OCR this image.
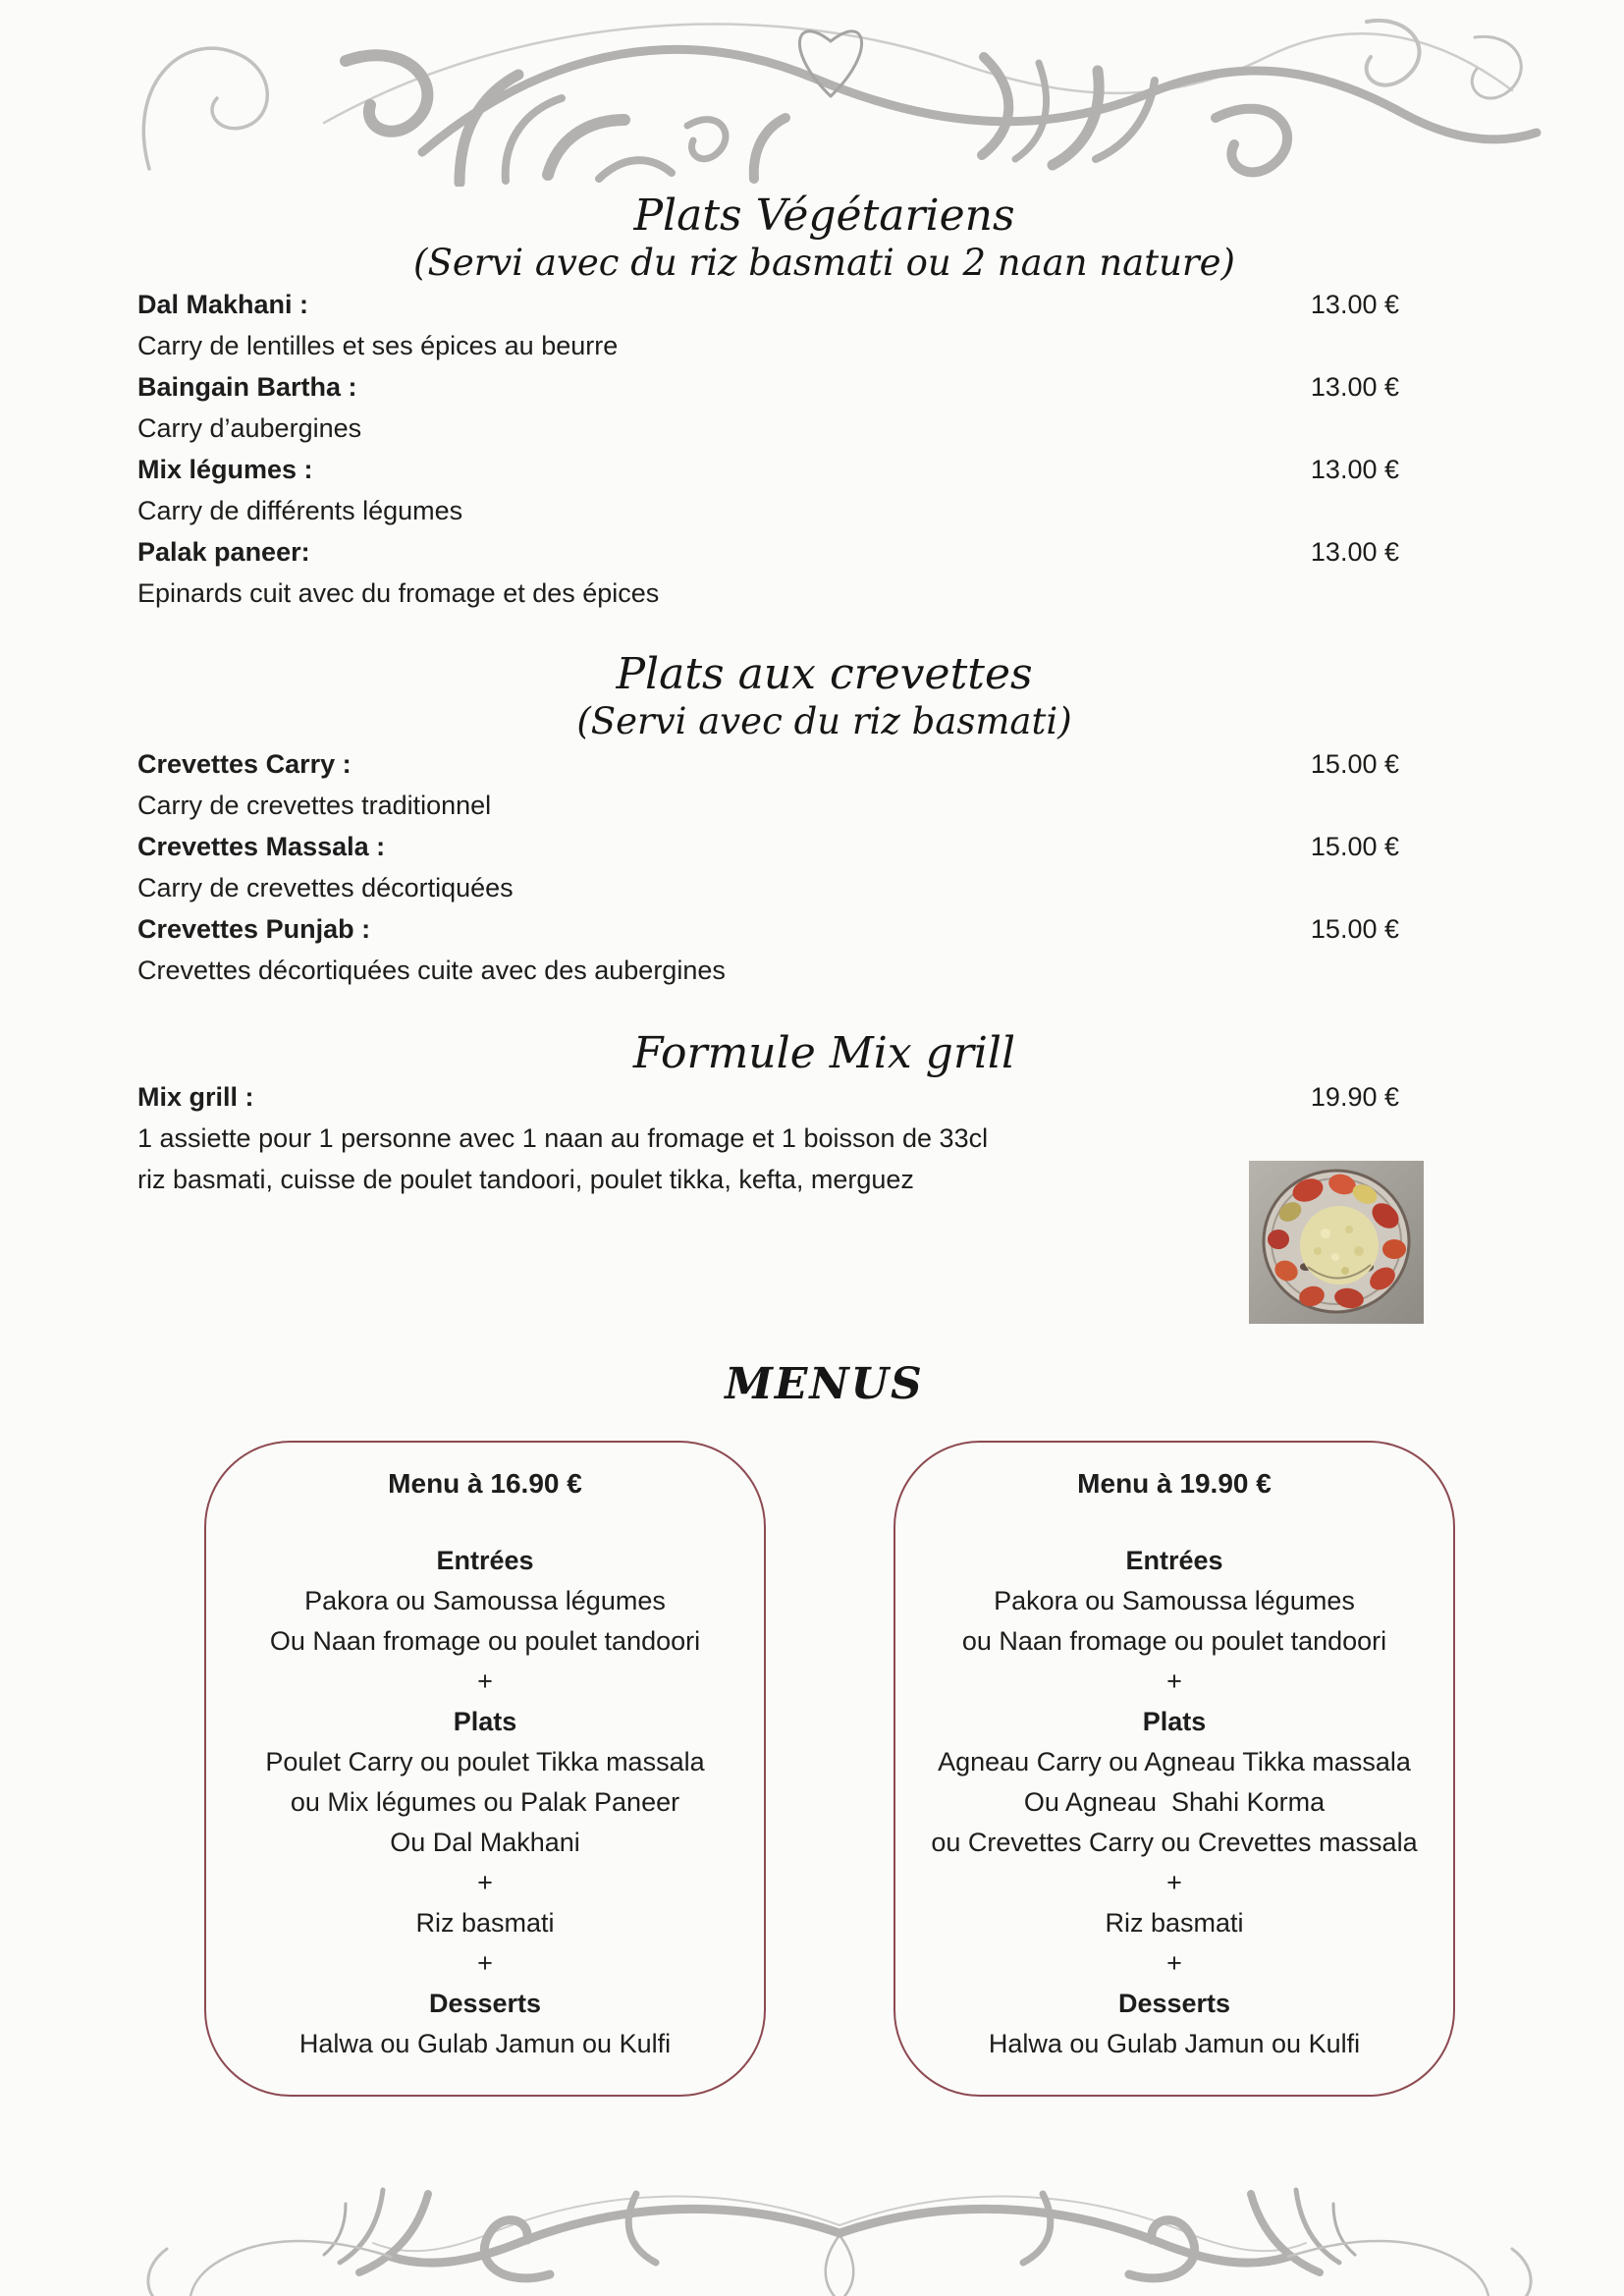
Plats Végétariens
(Servi avec du riz basmati ou 2 naan nature)
Dal Makhani :	13.00 €
Carry de lentilles et ses épices au beurre
Baingain Bartha :	13.00 €
Carry d’aubergines
Mix légumes :	13.00 €
Carry de différents légumes
Palak paneer:	13.00 €
Epinards cuit avec du fromage et des épices
Plats aux crevettes
(Servi avec du riz basmati)
Crevettes Carry :	15.00 €
Carry de crevettes traditionnel
Crevettes Massala :	15.00 €
Carry de crevettes décortiquées
Crevettes Punjab :	15.00 €
Crevettes décortiquées cuite avec des aubergines
Formule Mix grill
Mix grill :	19.90 €
1 assiette pour 1 personne avec 1 naan au fromage et 1 boisson de 33cl
riz basmati, cuisse de poulet tandoori, poulet tikka, kefta, merguez
MENUS
Menu à 16.90 €
Entrées
Pakora ou Samoussa légumes
Ou Naan fromage ou poulet tandoori
+
Plats
Poulet Carry ou poulet Tikka massala
ou Mix légumes ou Palak Paneer
Ou Dal Makhani
+
Riz basmati
+
Desserts
Halwa ou Gulab Jamun ou Kulfi
Menu à 19.90 €
Entrées
Pakora ou Samoussa légumes
ou Naan fromage ou poulet tandoori
+
Plats
Agneau Carry ou Agneau Tikka massala
Ou Agneau  Shahi Korma
ou Crevettes Carry ou Crevettes massala
+
Riz basmati
+
Desserts
Halwa ou Gulab Jamun ou Kulfi
